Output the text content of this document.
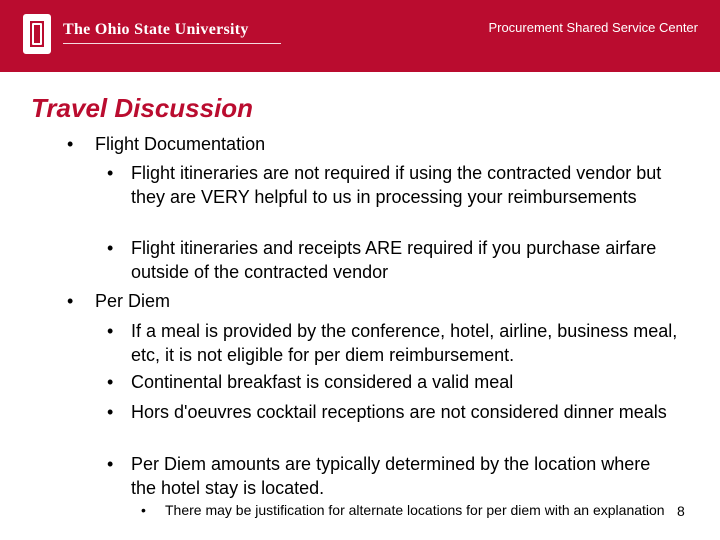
The Ohio State University	Procurement Shared Service Center
Travel Discussion
• Flight Documentation
• Flight itineraries are not required if using the contracted vendor but they are VERY helpful to us in processing your reimbursements
• Flight itineraries and receipts ARE required if you purchase airfare outside of the contracted vendor
• Per Diem
• If a meal is provided by the conference, hotel, airline, business meal, etc, it is not eligible for per diem reimbursement.
• Continental breakfast is considered a valid meal
• Hors d'oeuvres cocktail receptions are not considered dinner meals
• Per Diem amounts are typically determined by the location where the hotel stay is located.
• There may be justification for alternate locations for per diem with an explanation 8
